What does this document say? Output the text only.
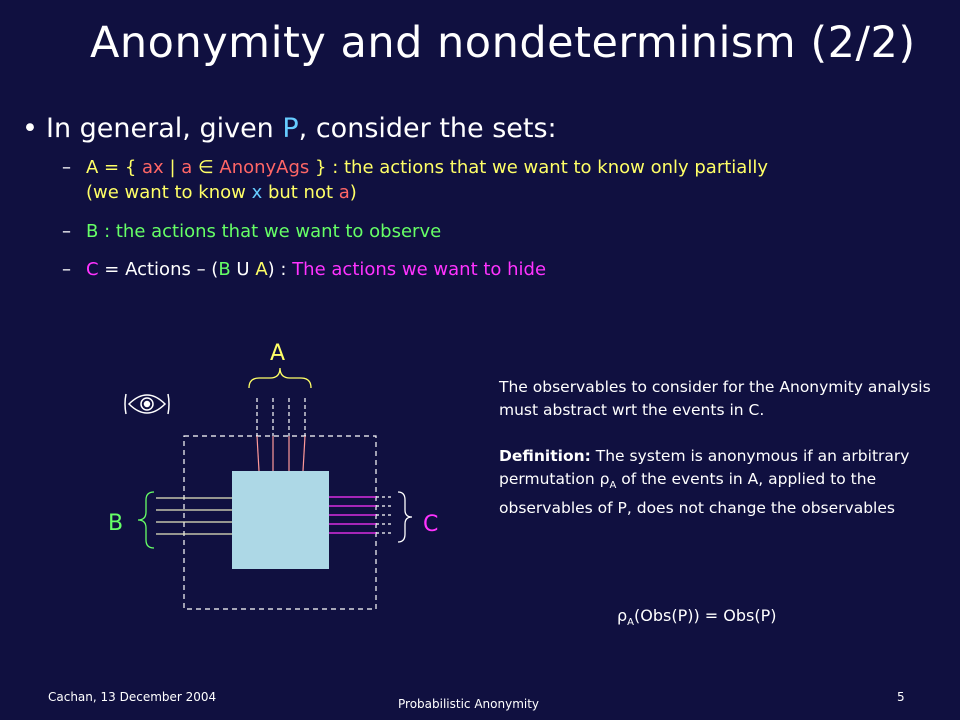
Anonymity and nondeterminism (2/2)
• In general, given P, consider the sets:
– A = { ax | a ∈ AnonyAgs } : the actions that we want to know only partially
(we want to know x but not a)
– B : the actions that we want to observe
– C = Actions – (B U A) : The actions we want to hide
A
B	C

The observables to consider for the Anonymity analysis must abstract wrt the events in C.

Definition: The system is anonymous if an arbitrary permutation $\rho_A$ of the events in A, applied to the observables of P, does not change the observables

$\rho_A(Obs(P)) = Obs(P)$
Cachan, 13 December 2004	Probabilistic Anonymity	5
